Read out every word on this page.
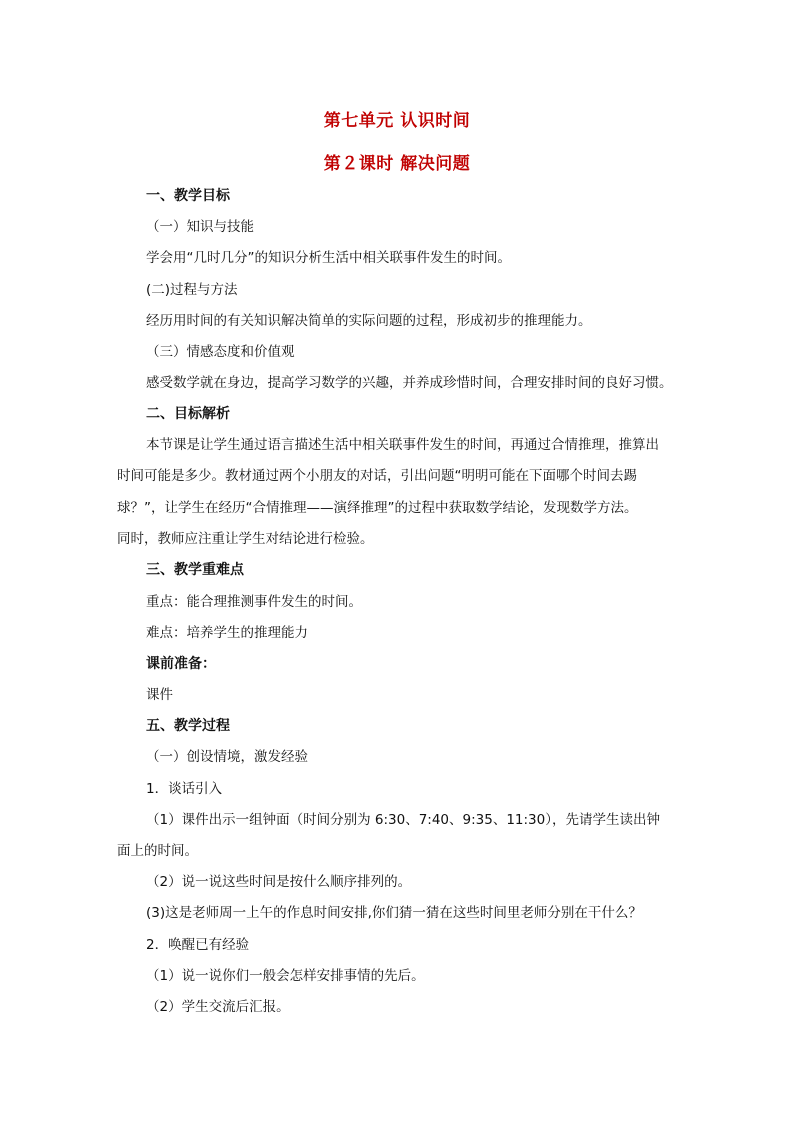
第七单元 认识时间
第２课时 解决问题
一、教学目标
（一）知识与技能
学会用“几时几分”的知识分析生活中相关联事件发生的时间。
(二)过程与方法
经历用时间的有关知识解决简单的实际问题的过程，形成初步的推理能力。
（三）情感态度和价值观
感受数学就在身边，提高学习数学的兴趣，并养成珍惜时间，合理安排时间的良好习惯。
二、目标解析
本节课是让学生通过语言描述生活中相关联事件发生的时间，再通过合情推理，推算出
时间可能是多少。教材通过两个小朋友的对话，引出问题“明明可能在下面哪个时间去踢
球？”，让学生在经历“合情推理——演绎推理”的过程中获取数学结论，发现数学方法。
同时，教师应注重让学生对结论进行检验。
三、教学重难点
重点：能合理推测事件发生的时间。
难点：培养学生的推理能力
课前准备：
课件
五、教学过程
（一）创设情境，激发经验
1．谈话引入
（1）课件出示一组钟面（时间分别为 6:30、7:40、9:35、11:30），先请学生读出钟
面上的时间。
（2）说一说这些时间是按什么顺序排列的。
(3)这是老师周一上午的作息时间安排,你们猜一猜在这些时间里老师分别在干什么？
2．唤醒已有经验
（1）说一说你们一般会怎样安排事情的先后。
（2）学生交流后汇报。
